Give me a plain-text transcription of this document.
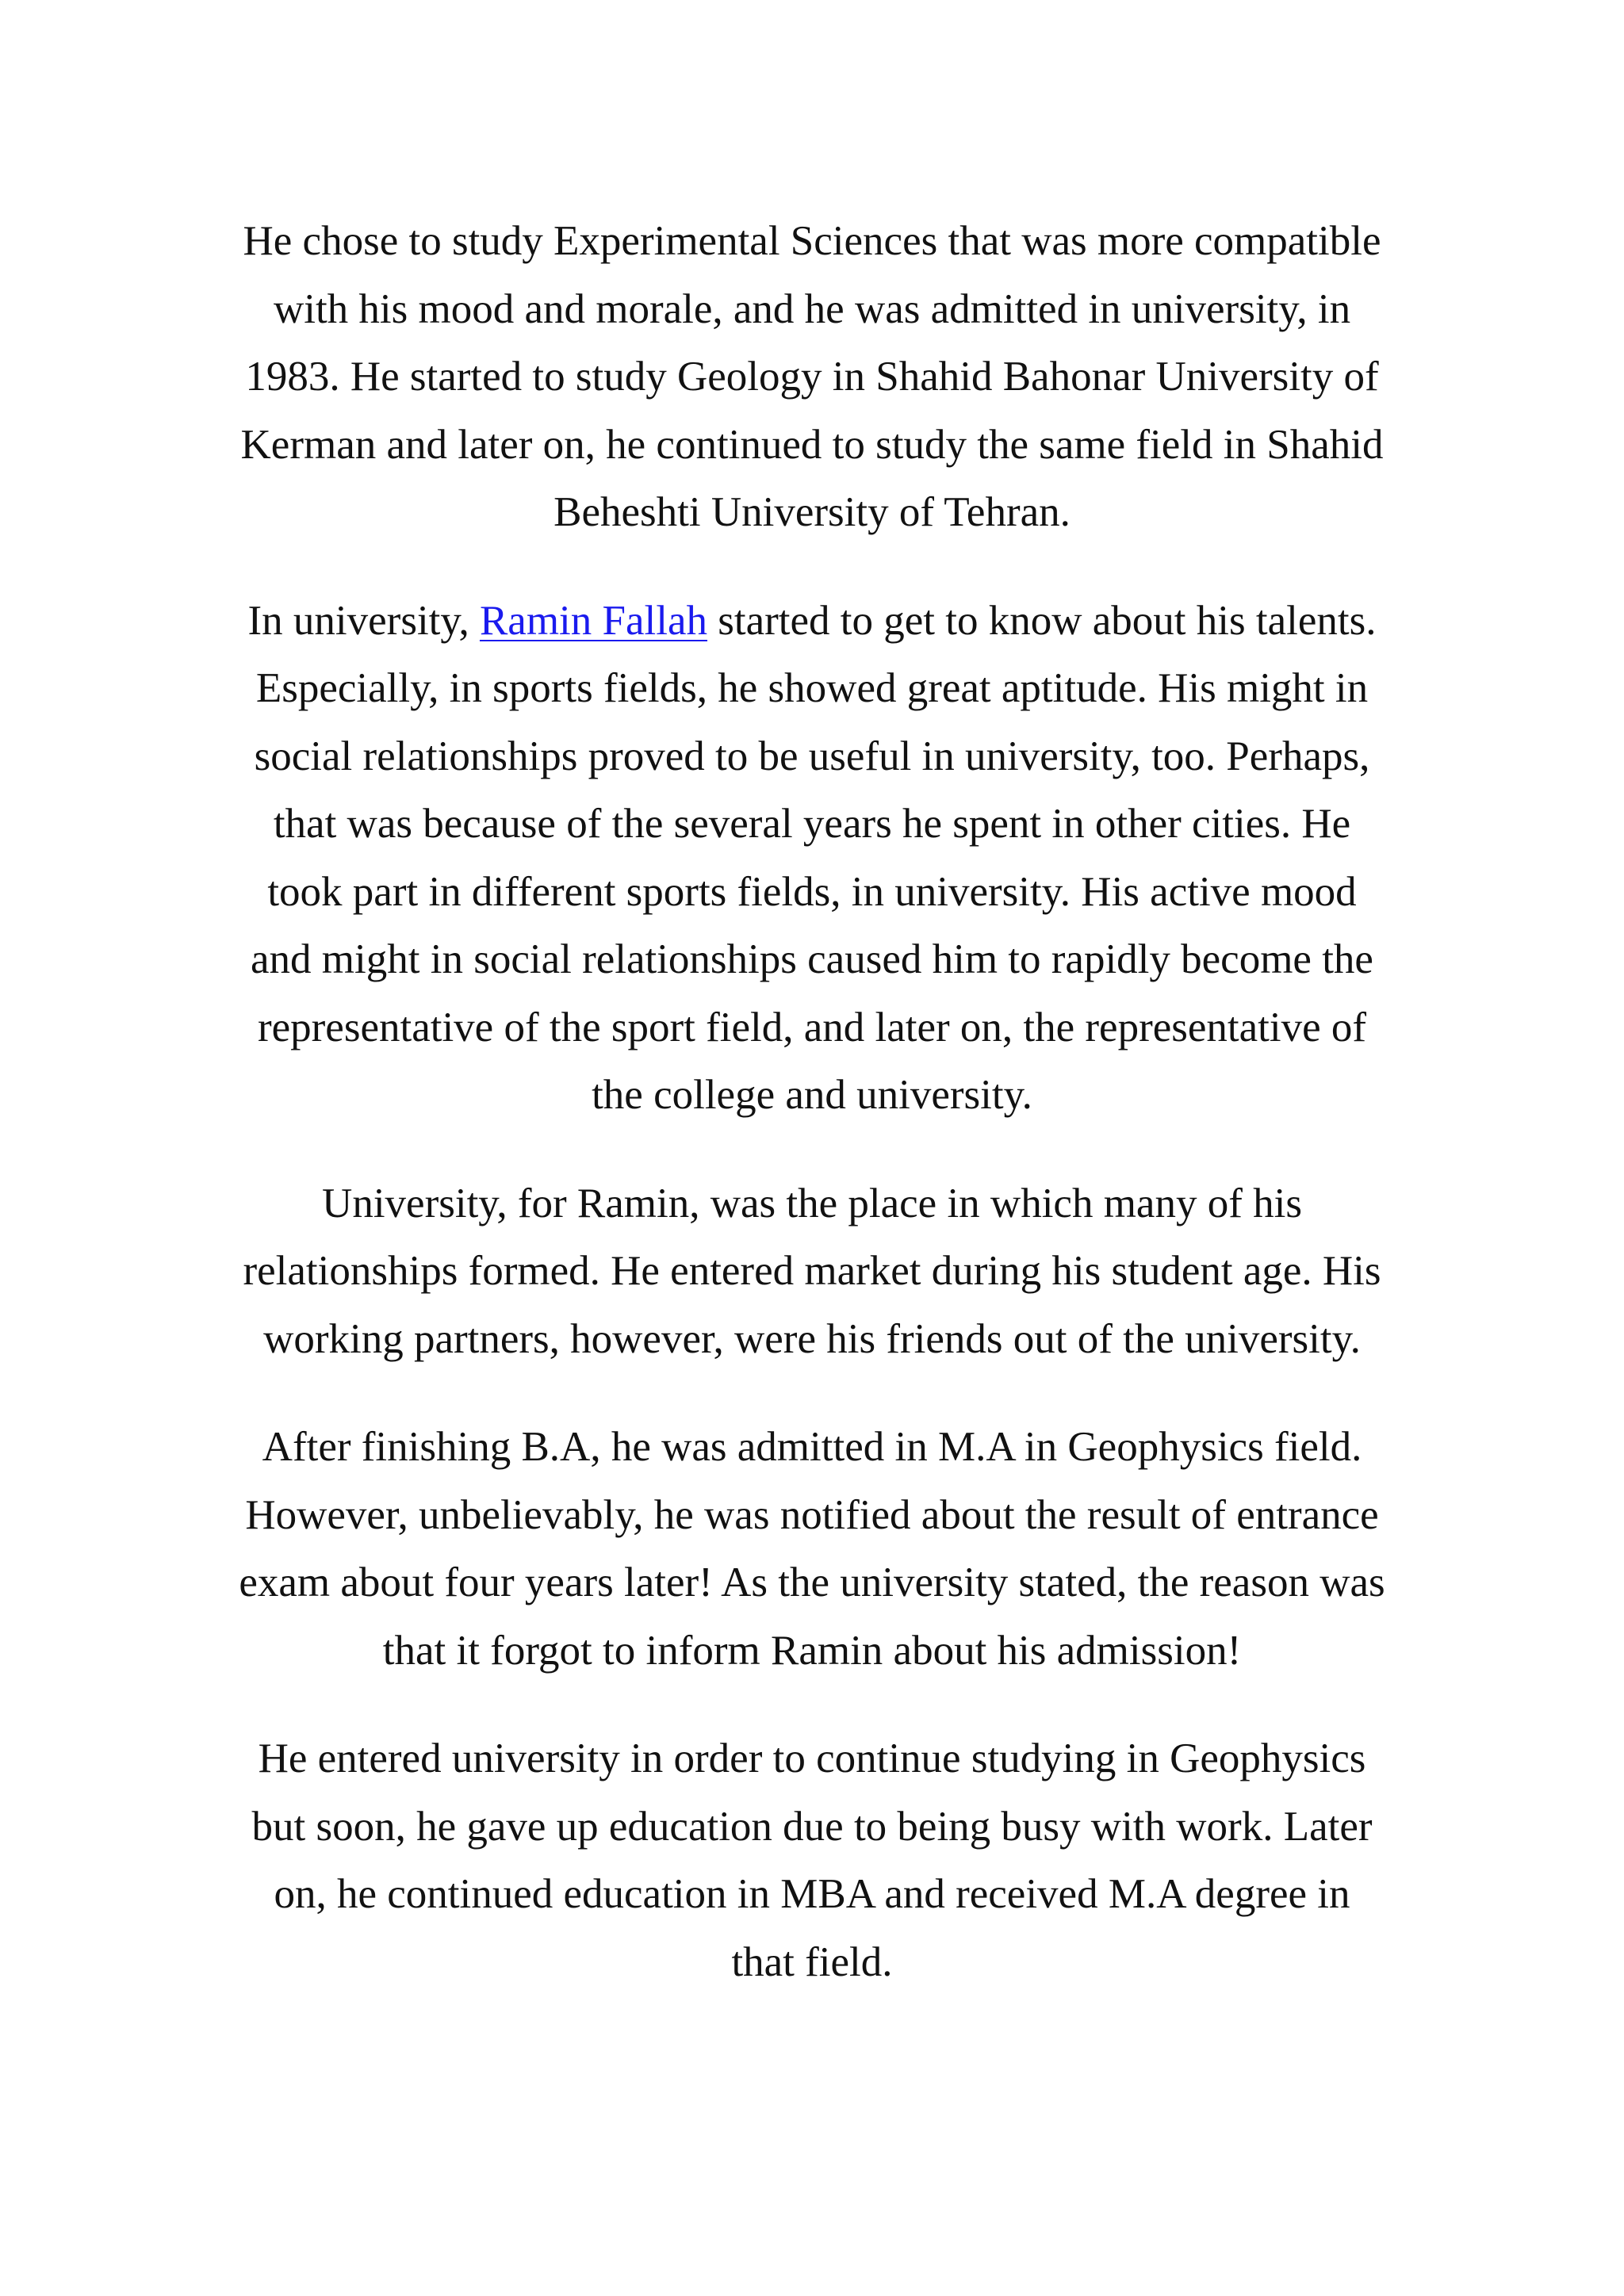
He chose to study Experimental Sciences that was more compatible with his mood and morale, and he was admitted in university, in 1983. He started to study Geology in Shahid Bahonar University of Kerman and later on, he continued to study the same field in Shahid Beheshti University of Tehran.

In university, Ramin Fallah started to get to know about his talents. Especially, in sports fields, he showed great aptitude. His might in social relationships proved to be useful in university, too. Perhaps, that was because of the several years he spent in other cities. He took part in different sports fields, in university. His active mood and might in social relationships caused him to rapidly become the representative of the sport field, and later on, the representative of the college and university.

University, for Ramin, was the place in which many of his relationships formed. He entered market during his student age. His working partners, however, were his friends out of the university.

After finishing B.A, he was admitted in M.A in Geophysics field. However, unbelievably, he was notified about the result of entrance exam about four years later! As the university stated, the reason was that it forgot to inform Ramin about his admission!

He entered university in order to continue studying in Geophysics but soon, he gave up education due to being busy with work. Later on, he continued education in MBA and received M.A degree in that field.
